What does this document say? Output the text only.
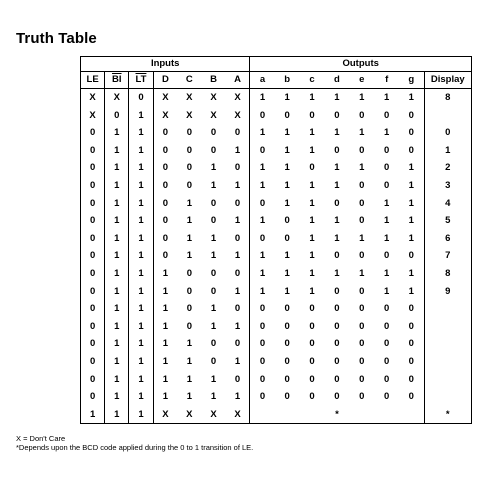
Truth Table
Inputs							Outputs							
LE	$\overline{BI}$	$\overline{LT}$	D	C	B	A	a	b	c	d	e	f	g	Display
X	X	0	X	X	X	X	1	1	1	1	1	1	1	8
X	0	1	X	X	X	X	0	0	0	0	0	0	0	
0	1	1	0	0	0	0	1	1	1	1	1	1	0	0
0	1	1	0	0	0	1	0	1	1	0	0	0	0	1
0	1	1	0	0	1	0	1	1	0	1	1	0	1	2
0	1	1	0	0	1	1	1	1	1	1	0	0	1	3
0	1	1	0	1	0	0	0	1	1	0	0	1	1	4
0	1	1	0	1	0	1	1	0	1	1	0	1	1	5
0	1	1	0	1	1	0	0	0	1	1	1	1	1	6
0	1	1	0	1	1	1	1	1	1	0	0	0	0	7
0	1	1	1	0	0	0	1	1	1	1	1	1	1	8
0	1	1	1	0	0	1	1	1	1	0	0	1	1	9
0	1	1	1	0	1	0	0	0	0	0	0	0	0	
0	1	1	1	0	1	1	0	0	0	0	0	0	0	
0	1	1	1	1	0	0	0	0	0	0	0	0	0	
0	1	1	1	1	0	1	0	0	0	0	0	0	0	
0	1	1	1	1	1	0	0	0	0	0	0	0	0	
0	1	1	1	1	1	1	0	0	0	0	0	0	0	
1	1	1	X	X	X	X				*				*
X = Don't Care
*Depends upon the BCD code applied during the 0 to 1 transition of LE.
